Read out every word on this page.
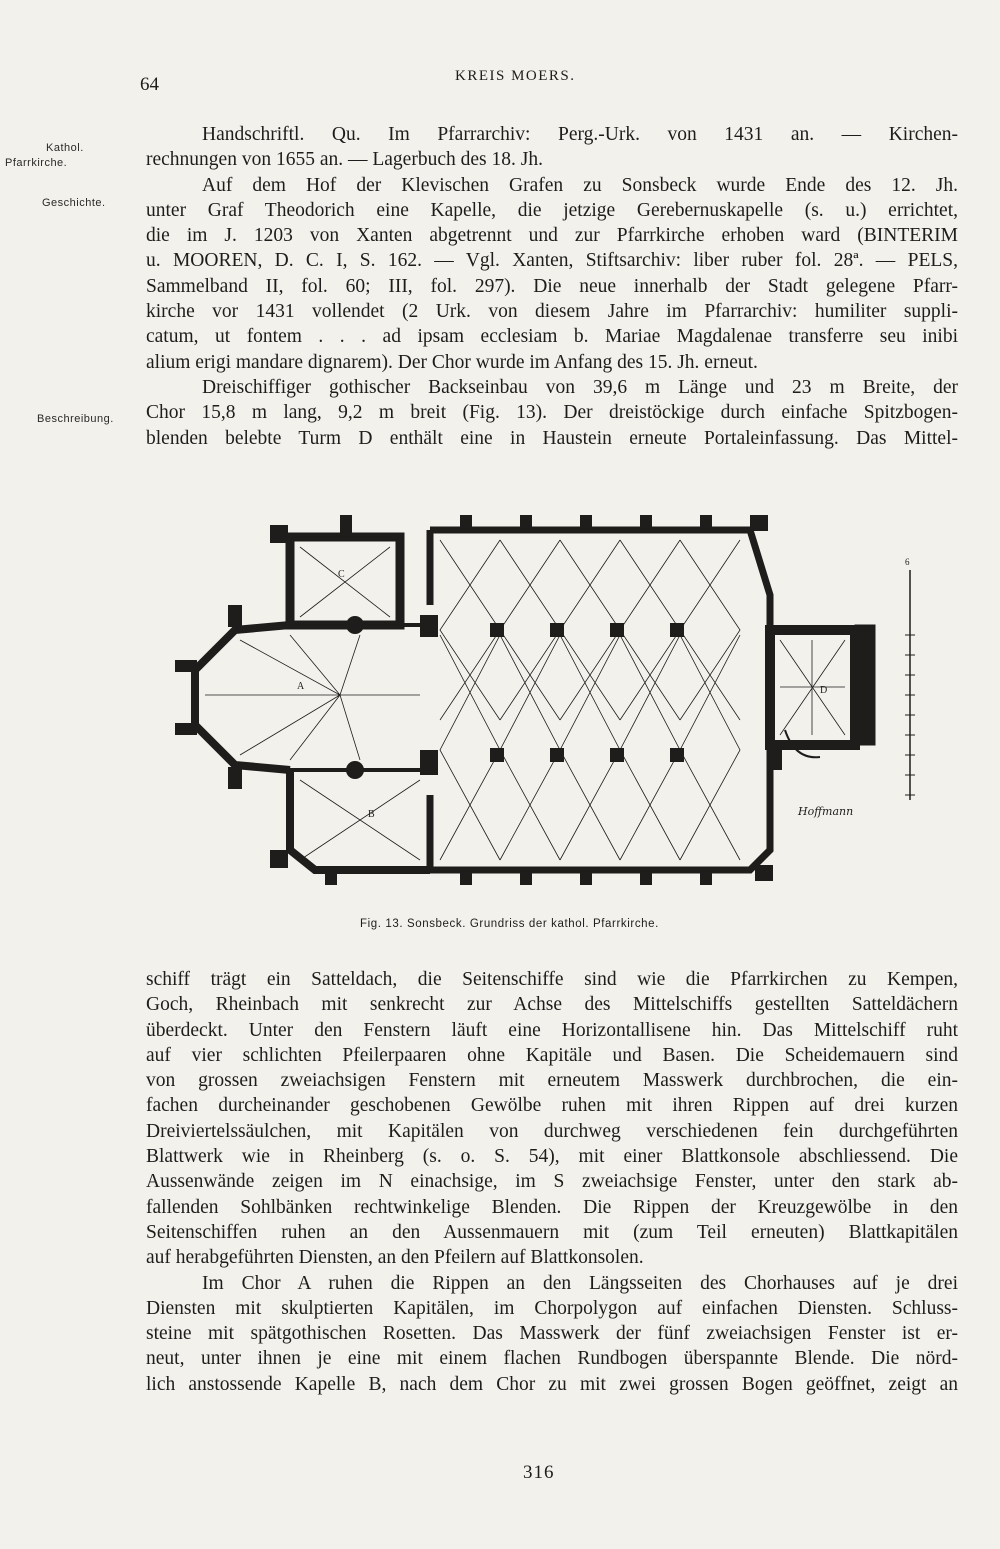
64	KREIS MOERS.
Kathol.
Pfarrkirche.
Geschichte.
Beschreibung.
Handschriftl. Qu. Im Pfarrarchiv: Perg.-Urk. von 1431 an. — Kirchen-
rechnungen von 1655 an. — Lagerbuch des 18. Jh.
Auf dem Hof der Klevischen Grafen zu Sonsbeck wurde Ende des 12. Jh.
unter Graf Theodorich eine Kapelle, die jetzige Gerebernuskapelle (s. u.) errichtet,
die im J. 1203 von Xanten abgetrennt und zur Pfarrkirche erhoben ward (BINTERIM
u. MOOREN, D. C. I, S. 162. — Vgl. Xanten, Stiftsarchiv: liber ruber fol. 28ª. — PELS,
Sammelband II, fol. 60; III, fol. 297). Die neue innerhalb der Stadt gelegene Pfarr-
kirche vor 1431 vollendet (2 Urk. von diesem Jahre im Pfarrarchiv: humiliter suppli-
catum, ut fontem . . . ad ipsam ecclesiam b. Mariae Magdalenae transferre seu inibi
alium erigi mandare dignarem). Der Chor wurde im Anfang des 15. Jh. erneut.
Dreischiffiger gothischer Backseinbau von 39,6 m Länge und 23 m Breite, der
Chor 15,8 m lang, 9,2 m breit (Fig. 13). Der dreistöckige durch einfache Spitzbogen-
blenden belebte Turm D enthält eine in Haustein erneute Portaleinfassung. Das Mittel-
A
B
C
D
6
Hoffmann
Fig. 13. Sonsbeck. Grundriss der kathol. Pfarrkirche.
schiff trägt ein Satteldach, die Seitenschiffe sind wie die Pfarrkirchen zu Kempen,
Goch, Rheinbach mit senkrecht zur Achse des Mittelschiffs gestellten Satteldächern
überdeckt. Unter den Fenstern läuft eine Horizontallisene hin. Das Mittelschiff ruht
auf vier schlichten Pfeilerpaaren ohne Kapitäle und Basen. Die Scheidemauern sind
von grossen zweiachsigen Fenstern mit erneutem Masswerk durchbrochen, die ein-
fachen durcheinander geschobenen Gewölbe ruhen mit ihren Rippen auf drei kurzen
Dreiviertelssäulchen, mit Kapitälen von durchweg verschiedenen fein durchgeführten
Blattwerk wie in Rheinberg (s. o. S. 54), mit einer Blattkonsole abschliessend. Die
Aussenwände zeigen im N einachsige, im S zweiachsige Fenster, unter den stark ab-
fallenden Sohlbänken rechtwinkelige Blenden. Die Rippen der Kreuzgewölbe in den
Seitenschiffen ruhen an den Aussenmauern mit (zum Teil erneuten) Blattkapitälen
auf herabgeführten Diensten, an den Pfeilern auf Blattkonsolen.
Im Chor A ruhen die Rippen an den Längsseiten des Chorhauses auf je drei
Diensten mit skulptierten Kapitälen, im Chorpolygon auf einfachen Diensten. Schluss-
steine mit spätgothischen Rosetten. Das Masswerk der fünf zweiachsigen Fenster ist er-
neut, unter ihnen je eine mit einem flachen Rundbogen überspannte Blende. Die nörd-
lich anstossende Kapelle B, nach dem Chor zu mit zwei grossen Bogen geöffnet, zeigt an
316
